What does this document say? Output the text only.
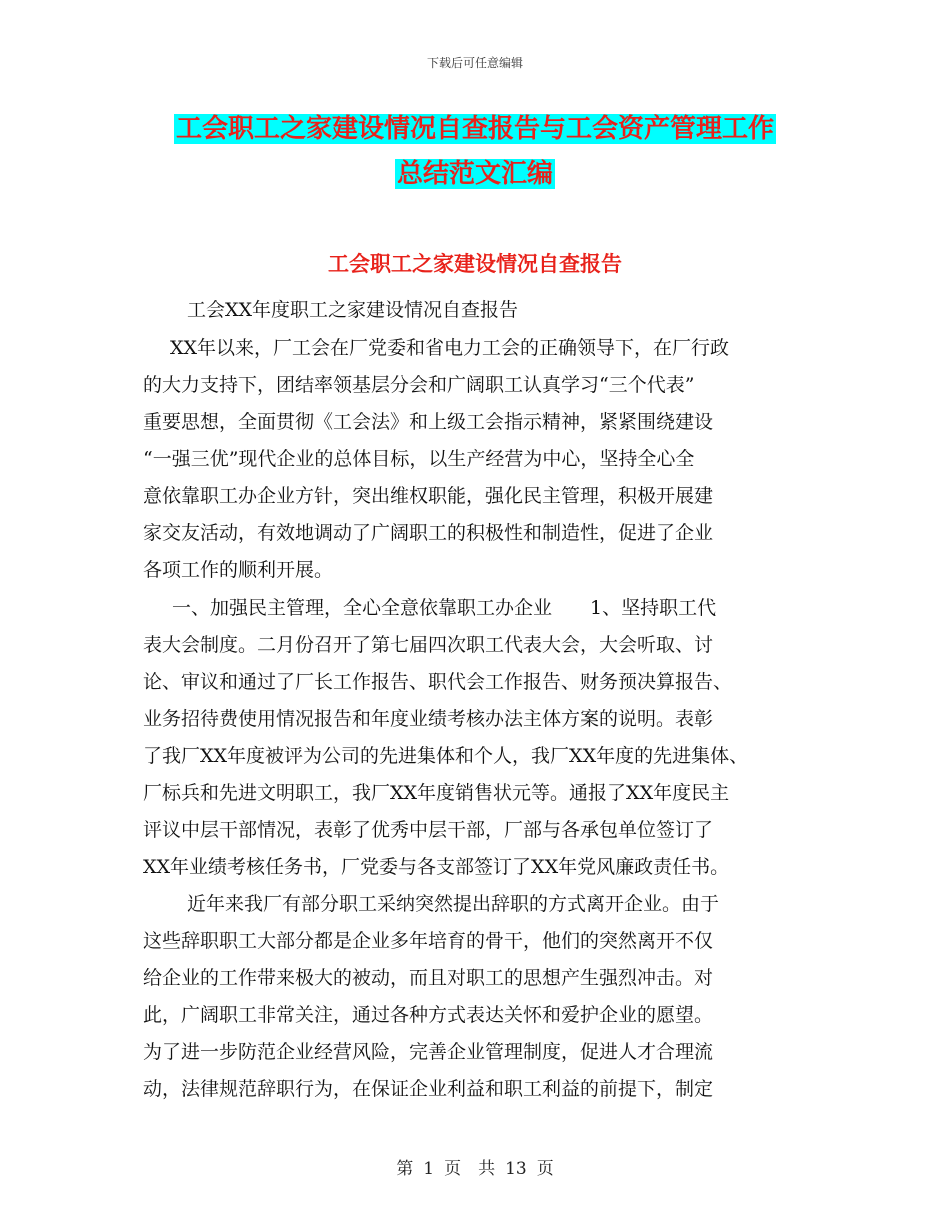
下载后可任意编辑
工会职工之家建设情况自查报告与工会资产管理工作
总结范文汇编
工会职工之家建设情况自查报告
工会XX年度职工之家建设情况自查报告
XX年以来，厂工会在厂党委和省电力工会的正确领导下，在厂行政
的大力支持下，团结率领基层分会和广阔职工认真学习“三个代表”
重要思想，全面贯彻《工会法》和上级工会指示精神，紧紧围绕建设
“一强三优”现代企业的总体目标，以生产经营为中心，坚持全心全
意依靠职工办企业方针，突出维权职能，强化民主管理，积极开展建
家交友活动，有效地调动了广阔职工的积极性和制造性，促进了企业
各项工作的顺利开展。
一、加强民主管理，全心全意依靠职工办企业　　1、坚持职工代
表大会制度。二月份召开了第七届四次职工代表大会，大会听取、讨
论、审议和通过了厂长工作报告、职代会工作报告、财务预决算报告、
业务招待费使用情况报告和年度业绩考核办法主体方案的说明。表彰
了我厂XX年度被评为公司的先进集体和个人，我厂XX年度的先进集体、
厂标兵和先进文明职工，我厂XX年度销售状元等。通报了XX年度民主
评议中层干部情况，表彰了优秀中层干部，厂部与各承包单位签订了
XX年业绩考核任务书，厂党委与各支部签订了XX年党风廉政责任书。
近年来我厂有部分职工采纳突然提出辞职的方式离开企业。由于
这些辞职职工大部分都是企业多年培育的骨干，他们的突然离开不仅
给企业的工作带来极大的被动，而且对职工的思想产生强烈冲击。对
此，广阔职工非常关注，通过各种方式表达关怀和爱护企业的愿望。
为了进一步防范企业经营风险，完善企业管理制度，促进人才合理流
动，法律规范辞职行为，在保证企业利益和职工利益的前提下，制定
第 1 页　共 13 页
